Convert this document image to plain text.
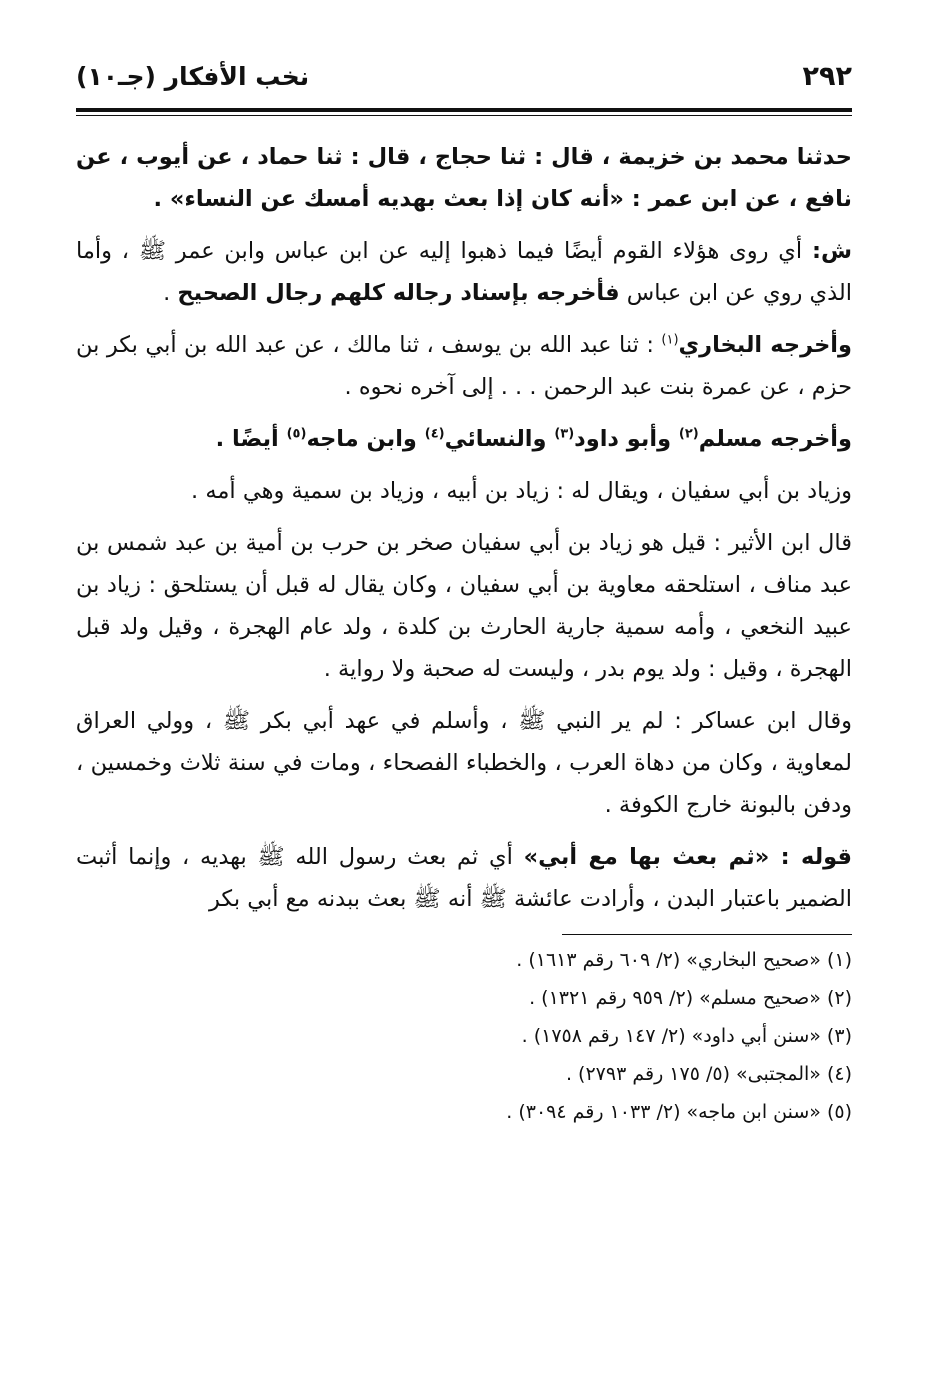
٢٩٢
نخب الأفكار (جـ١٠)
حدثنا محمد بن خزيمة ، قال : ثنا حجاج ، قال : ثنا حماد ، عن أيوب ، عن نافع ، عن ابن عمر : «أنه كان إذا بعث بهديه أمسك عن النساء» .
ش: أي روى هؤلاء القوم أيضًا فيما ذهبوا إليه عن ابن عباس وابن عمر ﷺ ، وأما الذي روي عن ابن عباس فأخرجه بإسناد رجاله كلهم رجال الصحيح .
وأخرجه البخاري$^{(١)}$ : ثنا عبد الله بن يوسف ، ثنا مالك ، عن عبد الله بن أبي بكر بن حزم ، عن عمرة بنت عبد الرحمن . . . إلى آخره نحوه .
وأخرجه مسلم$^{(٢)}$ وأبو داود$^{(٣)}$ والنسائي$^{(٤)}$ وابن ماجه$^{(٥)}$ أيضًا .
وزياد بن أبي سفيان ، ويقال له : زياد بن أبيه ، وزياد بن سمية وهي أمه .
قال ابن الأثير : قيل هو زياد بن أبي سفيان صخر بن حرب بن أمية بن عبد شمس بن عبد مناف ، استلحقه معاوية بن أبي سفيان ، وكان يقال له قبل أن يستلحق : زياد بن عبيد النخعي ، وأمه سمية جارية الحارث بن كلدة ، ولد عام الهجرة ، وقيل ولد قبل الهجرة ، وقيل : ولد يوم بدر ، وليست له صحبة ولا رواية .
وقال ابن عساكر : لم ير النبي ﷺ ، وأسلم في عهد أبي بكر ﷺ ، وولي العراق لمعاوية ، وكان من دهاة العرب ، والخطباء الفصحاء ، ومات في سنة ثلاث وخمسين ، ودفن بالبونة خارج الكوفة .
قوله : «ثم بعث بها مع أبي» أي ثم بعث رسول الله ﷺ بهديه ، وإنما أثبت الضمير باعتبار البدن ، وأرادت عائشة ﷺ أنه ﷺ بعث ببدنه مع أبي بكر
(١) «صحيح البخاري» (٢/ ٦٠٩ رقم ١٦١٣) .
(٢) «صحيح مسلم» (٢/ ٩٥٩ رقم ١٣٢١) .
(٣) «سنن أبي داود» (٢/ ١٤٧ رقم ١٧٥٨) .
(٤) «المجتبى» (٥/ ١٧٥ رقم ٢٧٩٣) .
(٥) «سنن ابن ماجه» (٢/ ١٠٣٣ رقم ٣٠٩٤) .
